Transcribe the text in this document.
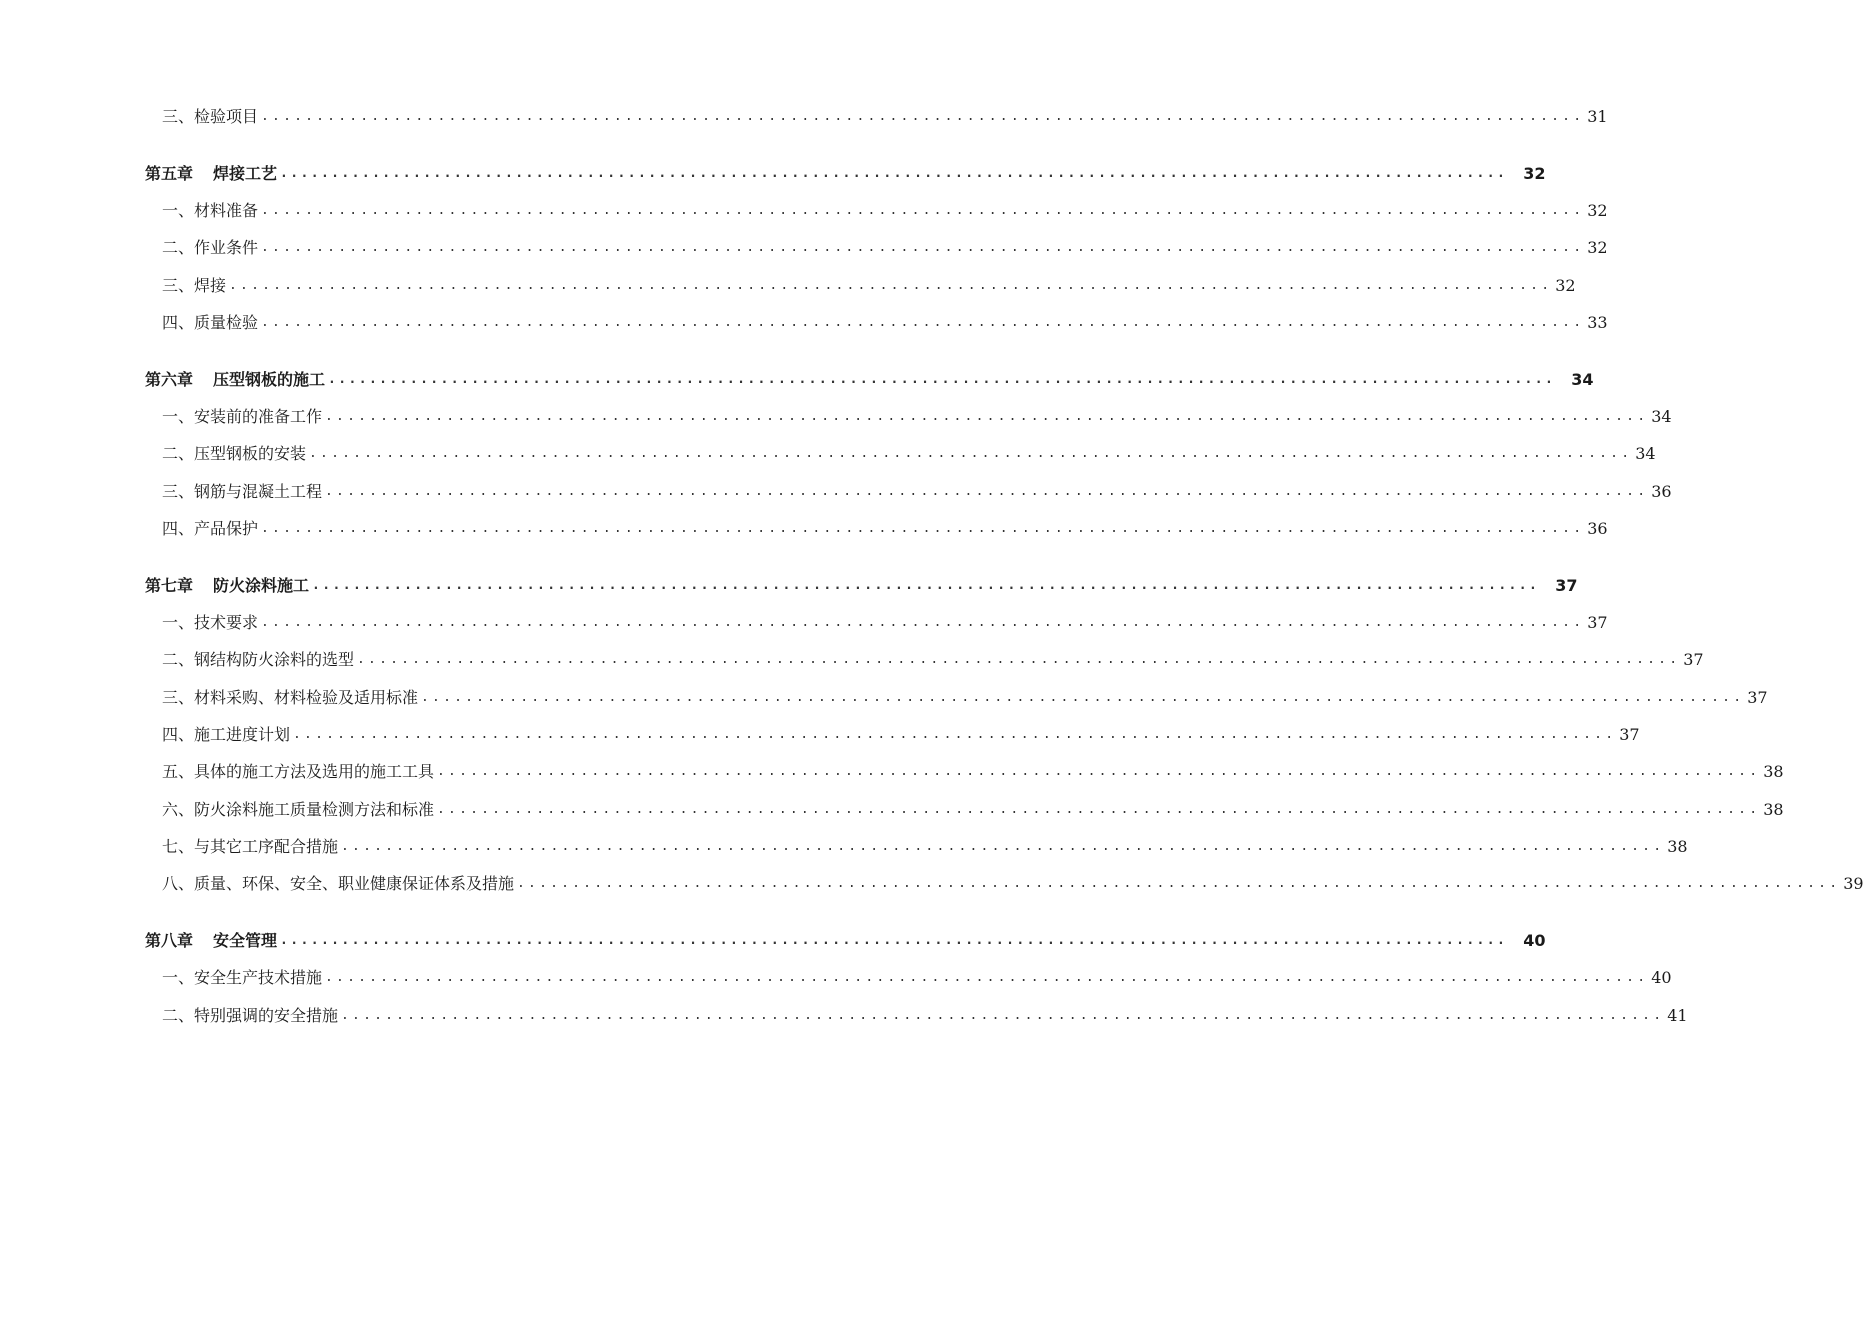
三、检验项目 ........................................................................................................................ 31
第五章 焊接工艺 ........................................................................................................................ 32
一、材料准备 ........................................................................................................................ 32
二、作业条件 ........................................................................................................................ 32
三、焊接 ........................................................................................................................ 32
四、质量检验 ........................................................................................................................ 33
第六章 压型钢板的施工 ........................................................................................................................ 34
一、安装前的准备工作 ........................................................................................................................ 34
二、压型钢板的安装 ........................................................................................................................ 34
三、钢筋与混凝土工程 ........................................................................................................................ 36
四、产品保护 ........................................................................................................................ 36
第七章 防火涂料施工 ........................................................................................................................ 37
一、技术要求 ........................................................................................................................ 37
二、钢结构防火涂料的选型 ........................................................................................................................ 37
三、材料采购、材料检验及适用标准 ........................................................................................................................ 37
四、施工进度计划 ........................................................................................................................ 37
五、具体的施工方法及选用的施工工具 ........................................................................................................................ 38
六、防火涂料施工质量检测方法和标准 ........................................................................................................................ 38
七、与其它工序配合措施 ........................................................................................................................ 38
八、质量、环保、安全、职业健康保证体系及措施 ........................................................................................................................ 39
第八章 安全管理 ........................................................................................................................ 40
一、安全生产技术措施 ........................................................................................................................ 40
二、特别强调的安全措施 ........................................................................................................................ 41
